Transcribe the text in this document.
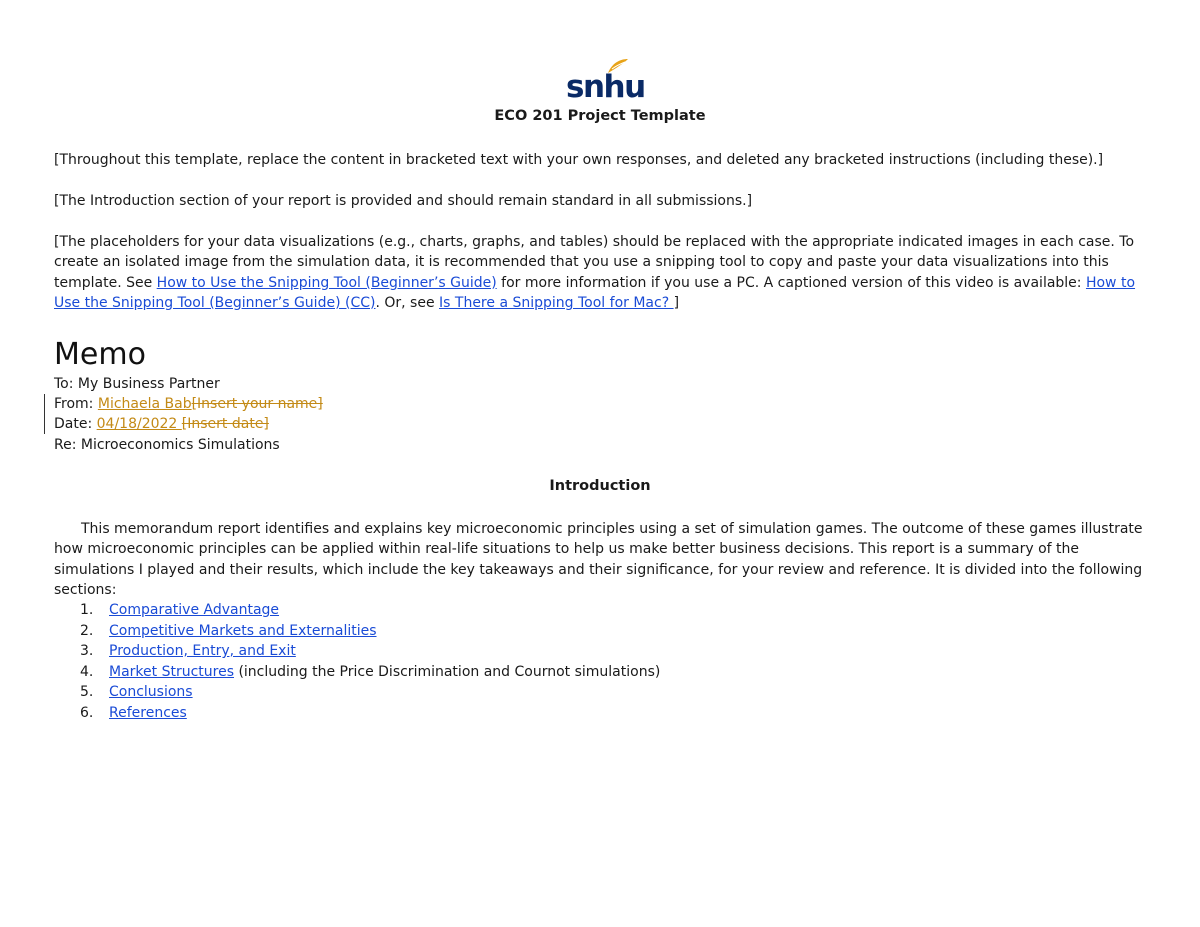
snhu
ECO 201 Project Template

[Throughout this template, replace the content in bracketed text with your own responses, and deleted any bracketed instructions (including these).]

[The Introduction section of your report is provided and should remain standard in all submissions.]

[The placeholders for your data visualizations (e.g., charts, graphs, and tables) should be replaced with the appropriate indicated images in each case. To create an isolated image from the simulation data, it is recommended that you use a snipping tool to copy and paste your data visualizations into this template. See How to Use the Snipping Tool (Beginner’s Guide) for more information if you use a PC. A captioned version of this video is available: How to Use the Snipping Tool (Beginner’s Guide) (CC). Or, see Is There a Snipping Tool for Mac? ]

Memo
To: My Business Partner
From: Michaela Bab[Insert your name]
Date: 04/18/2022 [Insert date]
Re: Microeconomics Simulations
Introduction

This memorandum report identifies and explains key microeconomic principles using a set of simulation games. The outcome of these games illustrate how microeconomic principles can be applied within real-life situations to help us make better business decisions. This report is a summary of the simulations I played and their results, which include the key takeaways and their significance, for your review and reference. It is divided into the following sections:

1.	Comparative Advantage
2.	Competitive Markets and Externalities
3.	Production, Entry, and Exit
4.	Market Structures (including the Price Discrimination and Cournot simulations)
5.	Conclusions
6.	References
